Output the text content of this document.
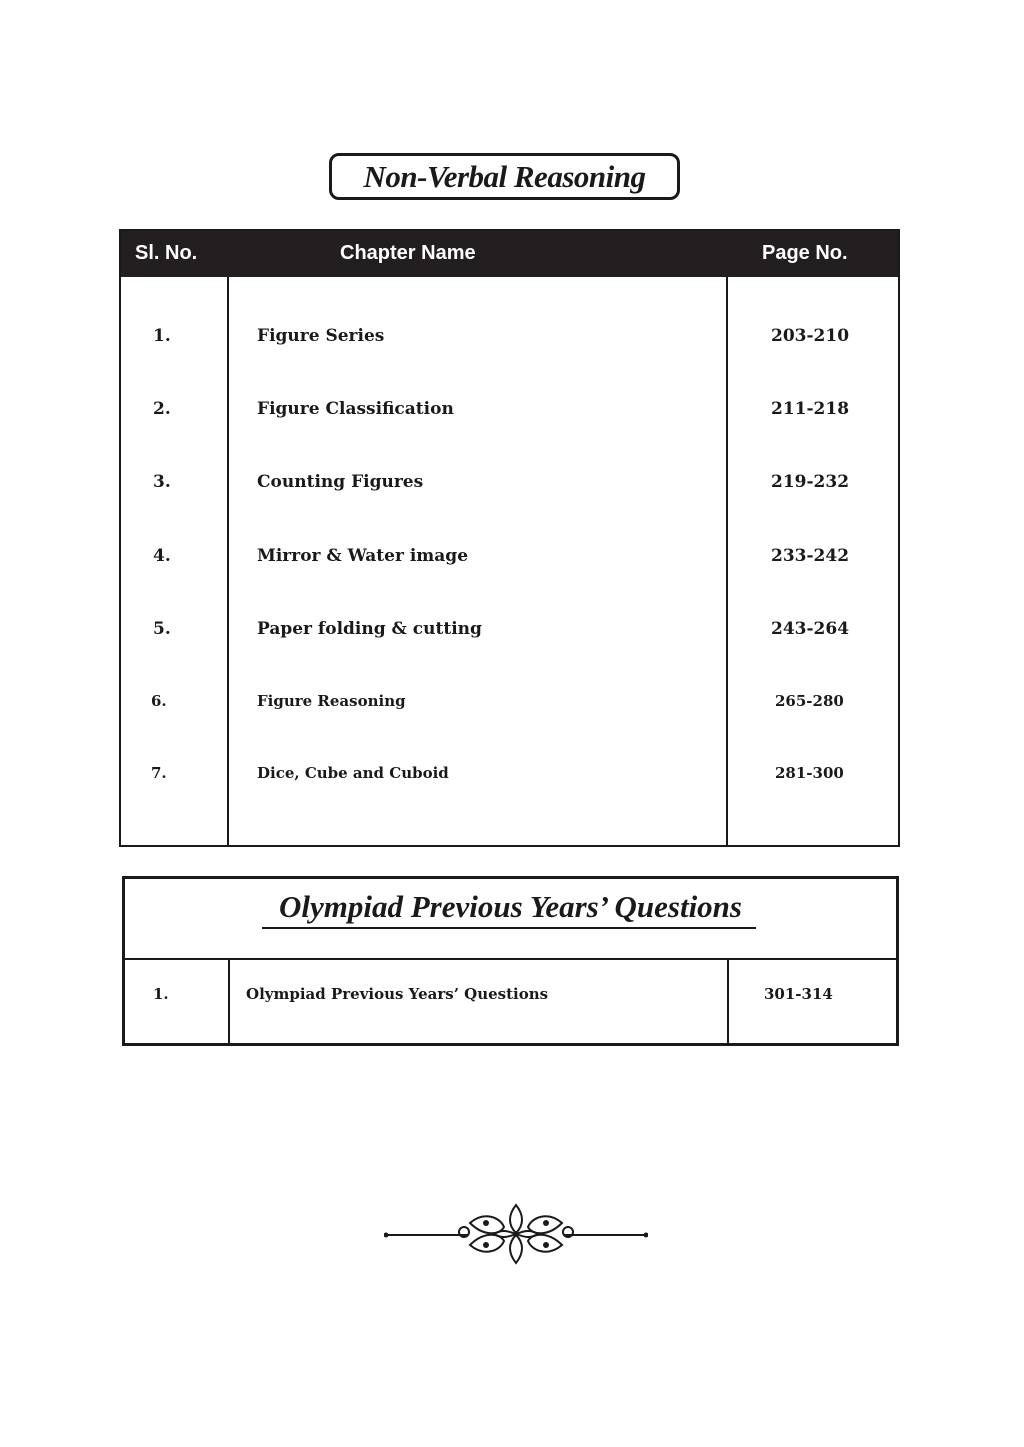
Non-Verbal Reasoning
Sl. No.	Chapter Name	Page No.
1.	Figure Series	203-210
2.	Figure Classification	211-218
3.	Counting Figures	219-232
4.	Mirror & Water image	233-242
5.	Paper folding & cutting	243-264
6.	Figure Reasoning	265-280
7.	Dice, Cube and Cuboid	281-300
Olympiad Previous Years’ Questions
1.	Olympiad Previous Years’ Questions	301-314
